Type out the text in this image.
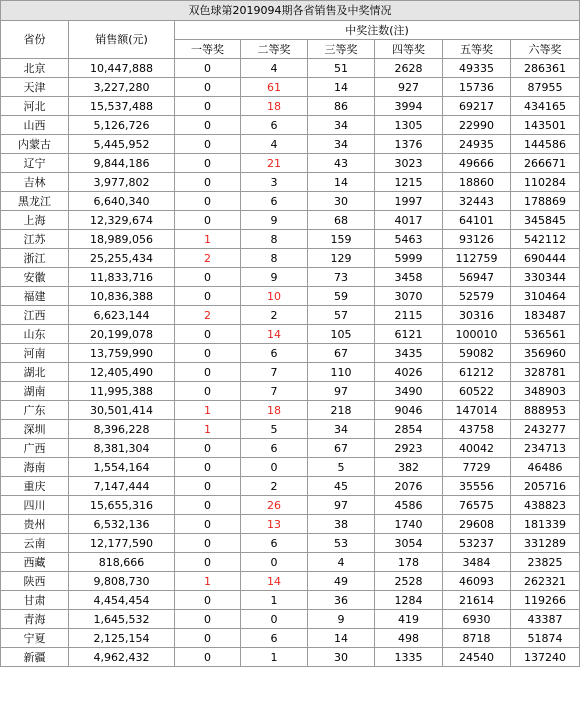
双色球第2019094期各省销售及中奖情况							
省份	销售额(元)	中奖注数(注)					
		一等奖	二等奖	三等奖	四等奖	五等奖	六等奖
北京	10,447,888	0	4	51	2628	49335	286361
天津	3,227,280	0	61	14	927	15736	87955
河北	15,537,488	0	18	86	3994	69217	434165
山西	5,126,726	0	6	34	1305	22990	143501
内蒙古	5,445,952	0	4	34	1376	24935	144586
辽宁	9,844,186	0	21	43	3023	49666	266671
吉林	3,977,802	0	3	14	1215	18860	110284
黑龙江	6,640,340	0	6	30	1997	32443	178869
上海	12,329,674	0	9	68	4017	64101	345845
江苏	18,989,056	1	8	159	5463	93126	542112
浙江	25,255,434	2	8	129	5999	112759	690444
安徽	11,833,716	0	9	73	3458	56947	330344
福建	10,836,388	0	10	59	3070	52579	310464
江西	6,623,144	2	2	57	2115	30316	183487
山东	20,199,078	0	14	105	6121	100010	536561
河南	13,759,990	0	6	67	3435	59082	356960
湖北	12,405,490	0	7	110	4026	61212	328781
湖南	11,995,388	0	7	97	3490	60522	348903
广东	30,501,414	1	18	218	9046	147014	888953
深圳	8,396,228	1	5	34	2854	43758	243277
广西	8,381,304	0	6	67	2923	40042	234713
海南	1,554,164	0	0	5	382	7729	46486
重庆	7,147,444	0	2	45	2076	35556	205716
四川	15,655,316	0	26	97	4586	76575	438823
贵州	6,532,136	0	13	38	1740	29608	181339
云南	12,177,590	0	6	53	3054	53237	331289
西藏	818,666	0	0	4	178	3484	23825
陕西	9,808,730	1	14	49	2528	46093	262321
甘肃	4,454,454	0	1	36	1284	21614	119266
青海	1,645,532	0	0	9	419	6930	43387
宁夏	2,125,154	0	6	14	498	8718	51874
新疆	4,962,432	0	1	30	1335	24540	137240
